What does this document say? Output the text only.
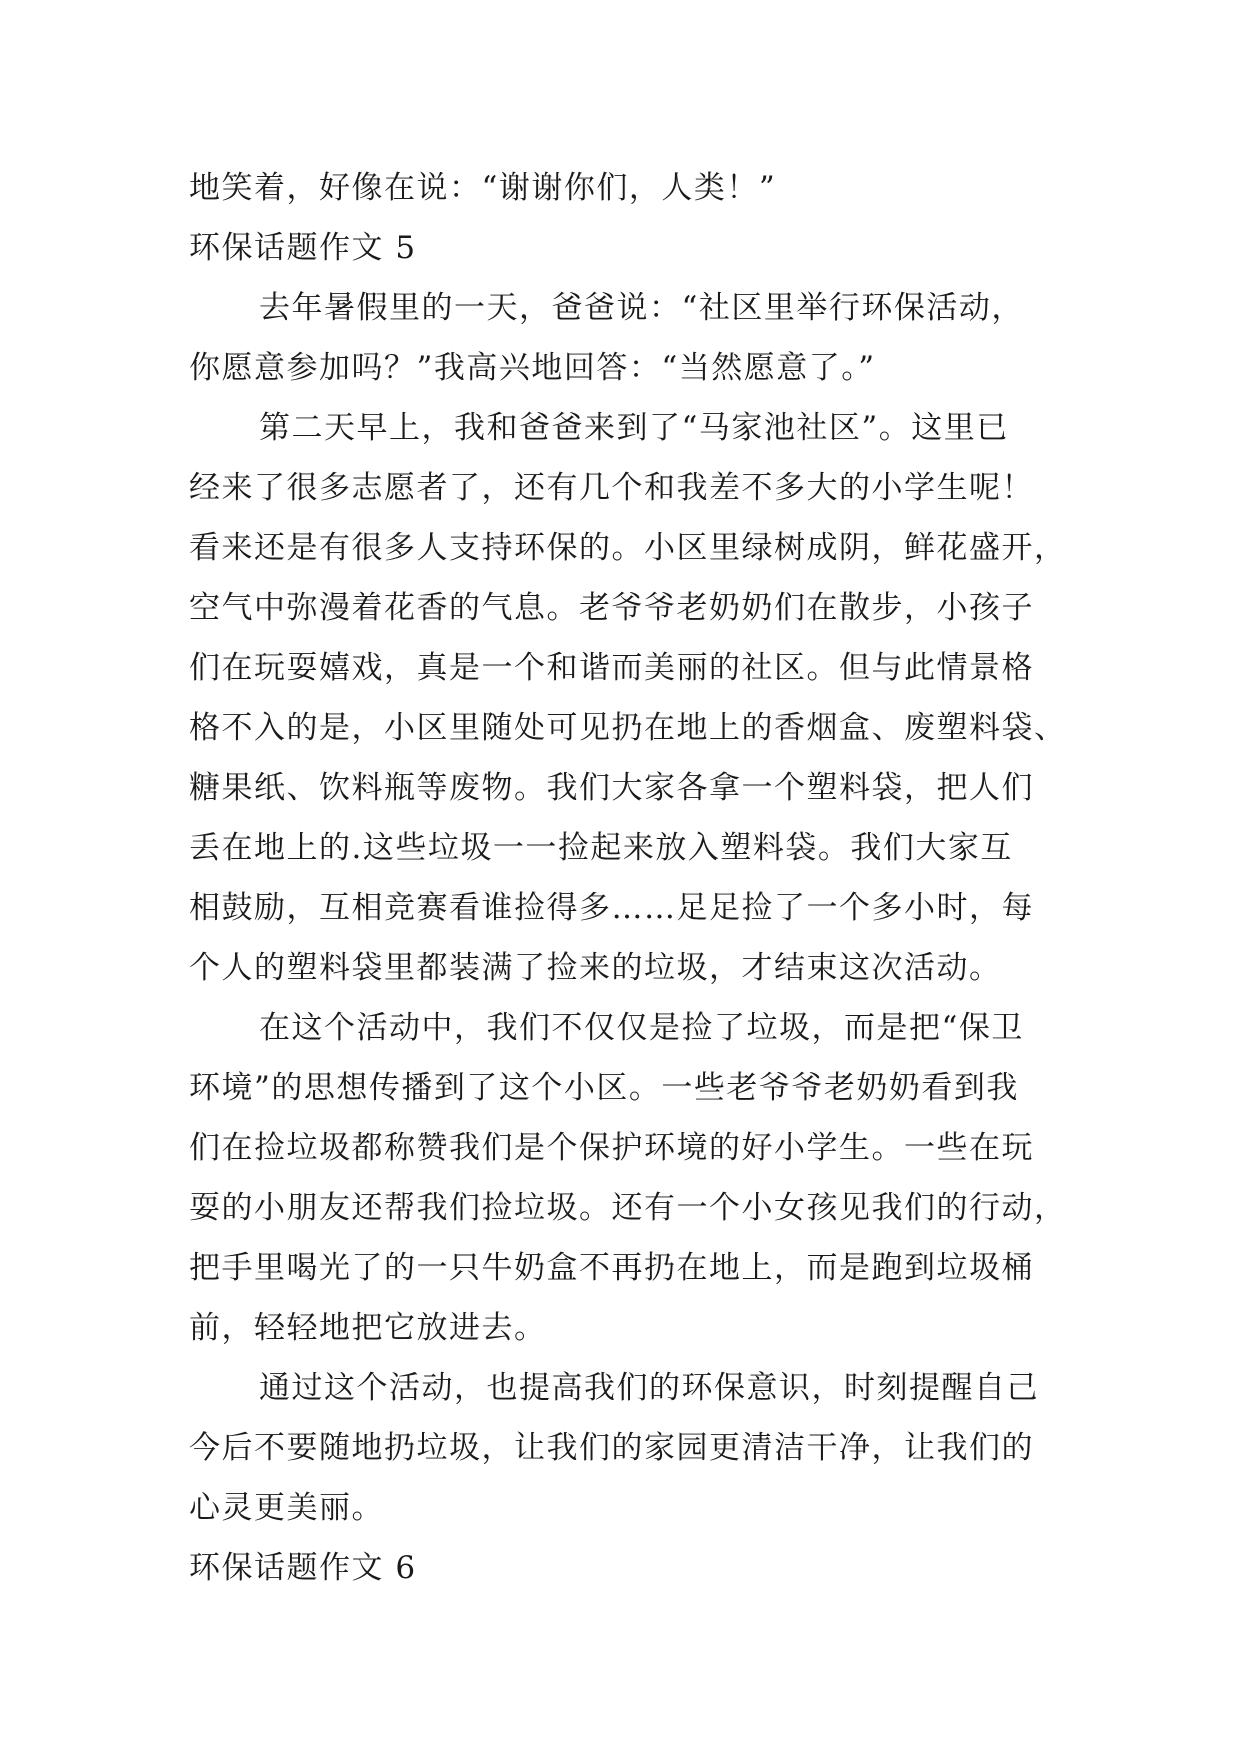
地笑着，好像在说：“谢谢你们，人类！”
环保话题作文 5
去年暑假里的一天，爸爸说：“社区里举行环保活动，
你愿意参加吗？”我高兴地回答：“当然愿意了。”
第二天早上，我和爸爸来到了“马家池社区”。这里已
经来了很多志愿者了，还有几个和我差不多大的小学生呢！
看来还是有很多人支持环保的。小区里绿树成阴，鲜花盛开，
空气中弥漫着花香的气息。老爷爷老奶奶们在散步，小孩子
们在玩耍嬉戏，真是一个和谐而美丽的社区。但与此情景格
格不入的是，小区里随处可见扔在地上的香烟盒、废塑料袋、
糖果纸、饮料瓶等废物。我们大家各拿一个塑料袋，把人们
丢在地上的.这些垃圾一一捡起来放入塑料袋。我们大家互
相鼓励，互相竞赛看谁捡得多……足足捡了一个多小时，每
个人的塑料袋里都装满了捡来的垃圾，才结束这次活动。
在这个活动中，我们不仅仅是捡了垃圾，而是把“保卫
环境”的思想传播到了这个小区。一些老爷爷老奶奶看到我
们在捡垃圾都称赞我们是个保护环境的好小学生。一些在玩
耍的小朋友还帮我们捡垃圾。还有一个小女孩见我们的行动，
把手里喝光了的一只牛奶盒不再扔在地上，而是跑到垃圾桶
前，轻轻地把它放进去。
通过这个活动，也提高我们的环保意识，时刻提醒自己
今后不要随地扔垃圾，让我们的家园更清洁干净，让我们的
心灵更美丽。
环保话题作文 6
